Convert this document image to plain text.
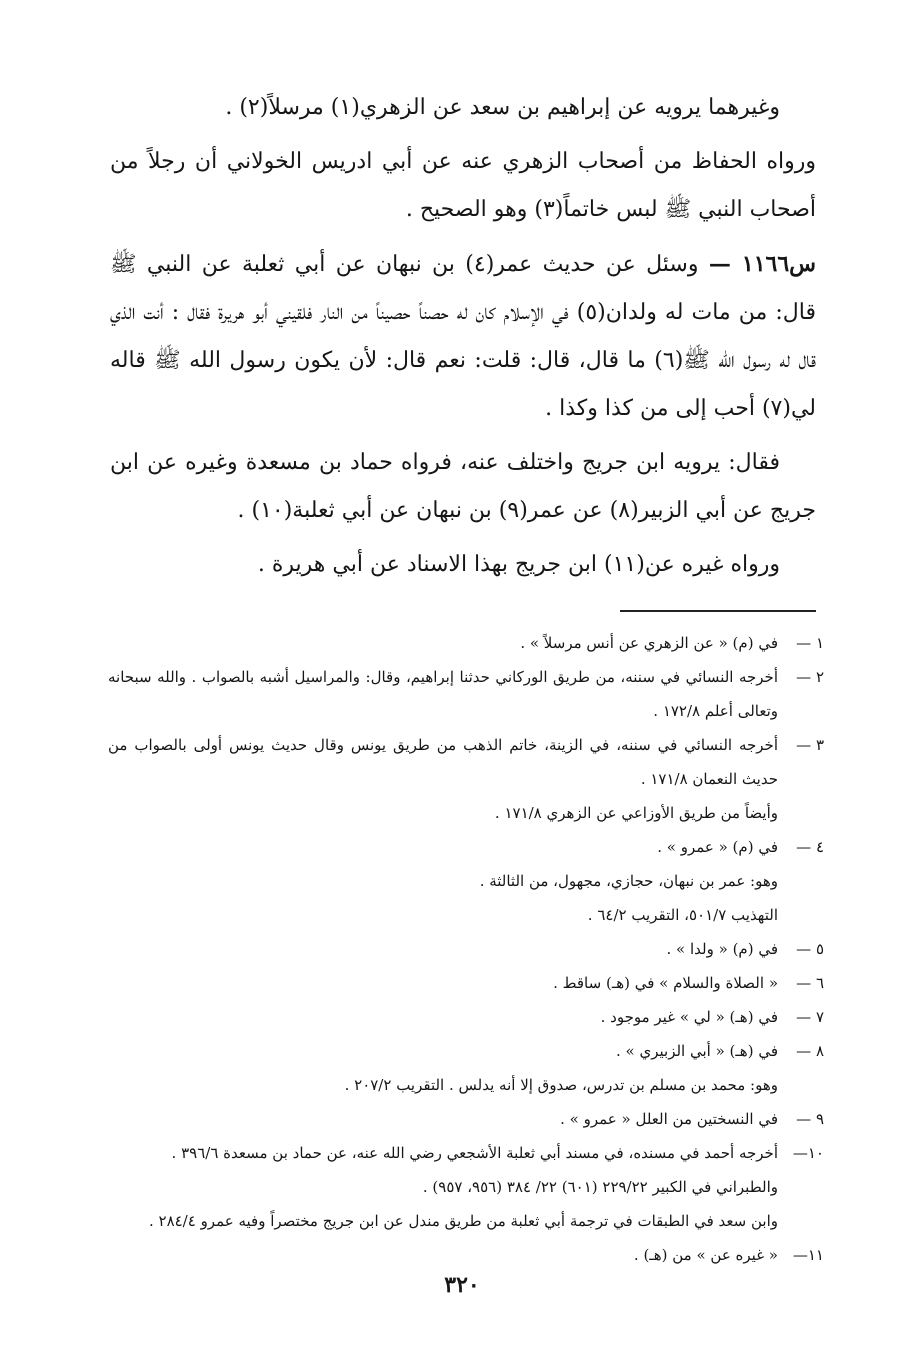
وغيرهما يرويه عن إبراهيم بن سعد عن الزهري(١) مرسلاً(٢) .

ورواه الحفاظ من أصحاب الزهري عنه عن أبي ادريس الخولاني أن رجلاً من أصحاب النبي ﷺ لبس خاتماً(٣) وهو الصحيح .

س١١٦٦ — وسئل عن حديث عمر(٤) بن نبهان عن أبي ثعلبة عن النبي ﷺ قال: من مات له ولدان(٥) في الإسلام كان له حصناً حصيناً من النار فلقيني أبو هريرة فقال : أنت الذي قال له رسول الله ﷺ(٦) ما قال، قال: قلت: نعم قال: لأن يكون رسول الله ﷺ قاله لي(٧) أحب إلى من كذا وكذا .

فقال: يرويه ابن جريج واختلف عنه، فرواه حماد بن مسعدة وغيره عن ابن جريج عن أبي الزبير(٨) عن عمر(٩) بن نبهان عن أبي ثعلبة(١٠) .

ورواه غيره عن(١١) ابن جريج بهذا الاسناد عن أبي هريرة .

١ —
في (م) « عن الزهري عن أنس مرسلاً » .
٢ —
أخرجه النسائي في سننه، من طريق الوركاني حدثنا إبراهيم، وقال: والمراسيل أشبه بالصواب . والله سبحانه وتعالى أعلم ١٧٢/٨ .
٣ —
أخرجه النسائي في سننه، في الزينة، خاتم الذهب من طريق يونس وقال حديث يونس أولى بالصواب من حديث النعمان ١٧١/٨ .
وأيضاً من طريق الأوزاعي عن الزهري ١٧١/٨ .
٤ —
في (م) « عمرو » .
وهو: عمر بن نبهان، حجازي، مجهول، من الثالثة .
التهذيب ٥٠١/٧، التقريب ٦٤/٢ .
٥ —
في (م) « ولدا » .
٦ —
« الصلاة والسلام » في (هـ) ساقط .
٧ —
في (هـ) « لي » غير موجود .
٨ —
في (هـ) « أبي الزبيري » .
وهو: محمد بن مسلم بن تدرس، صدوق إلا أنه يدلس . التقريب ٢٠٧/٢ .
٩ —
في النسختين من العلل « عمرو » .
١٠—
أخرجه أحمد في مسنده، في مسند أبي ثعلبة الأشجعي رضي الله عنه، عن حماد بن مسعدة ٣٩٦/٦ .
والطبراني في الكبير ٢٢٩/٢٢ (٦٠١) ٢٢/ ٣٨٤ (٩٥٦، ٩٥٧) .
وابن سعد في الطبقات في ترجمة أبي ثعلبة من طريق مندل عن ابن جريج مختصراً وفيه عمرو ٢٨٤/٤ .
١١—
« غيره عن » من (هـ) .
٣٢٠
